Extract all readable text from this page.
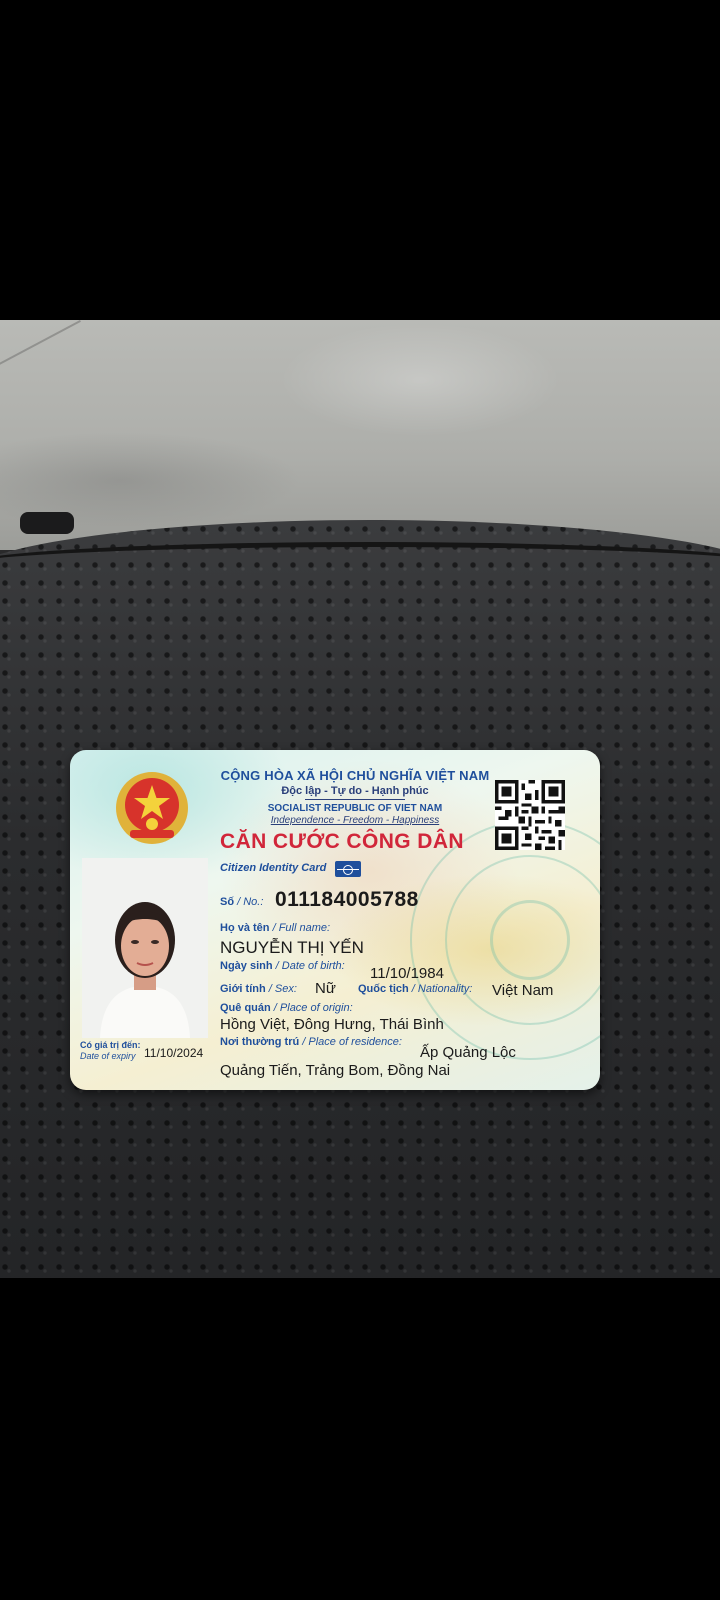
CỘNG HÒA XÃ HỘI CHỦ NGHĨA VIỆT NAM
Độc lập - Tự do - Hạnh phúc
SOCIALIST REPUBLIC OF VIET NAM
Independence - Freedom - Happiness
CĂN CƯỚC CÔNG DÂN
Citizen Identity Card
Số / No.: 011184005788
Họ và tên / Full name:
NGUYỄN THỊ YẾN
Ngày sinh / Date of birth: 11/10/1984
Giới tính / Sex: Nữ Quốc tịch / Nationality: Việt Nam
Quê quán / Place of origin:
Hồng Việt, Đông Hưng, Thái Bình
Nơi thường trú / Place of residence:
Ấp Quảng Lộc
Quảng Tiến, Trảng Bom, Đồng Nai
Có giá trị đến:
Date of expiry 11/10/2024
